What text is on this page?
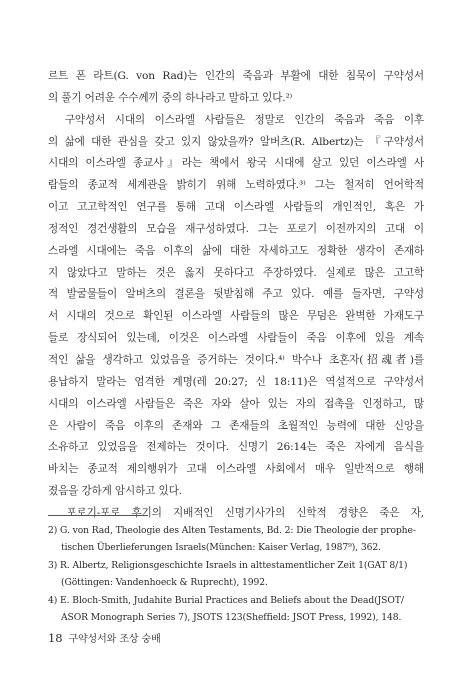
르트 폰 라트(G. von Rad)는 인간의 죽음과 부활에 대한 침묵이 구약성서
의 풀기 어려운 수수께끼 중의 하나라고 말하고 있다.²⁾
　구약성서 시대의 이스라엘 사람들은 정말로 인간의 죽음과 죽음 이후
의 삶에 대한 관심을 갖고 있지 않았을까? 알버츠(R. Albertz)는 『구약성서
시대의 이스라엘 종교사』라는 책에서 왕국 시대에 살고 있던 이스라엘 사
람들의 종교적 세계관을 밝히기 위해 노력하였다.³⁾ 그는 철저히 언어학적
이고 고고학적인 연구를 통해 고대 이스라엘 사람들의 개인적인, 혹은 가
정적인 경건생활의 모습을 재구성하였다. 그는 포로기 이전까지의 고대 이
스라엘 시대에는 죽음 이후의 삶에 대한 자세하고도 정확한 생각이 존재하
지 않았다고 말하는 것은 옳지 못하다고 주장하였다. 실제로 많은 고고학
적 발굴물들이 알버츠의 결론을 뒷받침해 주고 있다. 예를 들자면, 구약성
서 시대의 것으로 확인된 이스라엘 사람들의 많은 무덤은 완벽한 가재도구
들로 장식되어 있는데, 이것은 이스라엘 사람들이 죽음 이후에 있을 계속
적인 삶을 생각하고 있었음을 증거하는 것이다.⁴⁾ 박수나 초혼자(招魂者)를
용납하지 말라는 엄격한 계명(레 20:27; 신 18:11)은 역설적으로 구약성서
시대의 이스라엘 사람들은 죽은 자와 살아 있는 자의 접촉을 인정하고, 많
은 사람이 죽음 이후의 존재와 그 존재들의 초월적인 능력에 대한 신앙을
소유하고 있었음을 전제하는 것이다. 신명기 26:14는 죽은 자에게 음식을
바치는 종교적 제의행위가 고대 이스라엘 사회에서 매우 일반적으로 행해
졌음을 강하게 암시하고 있다.
　포로기-포로 후기의 지배적인 신명기사가의 신학적 경향은 죽은 자,
2) G. von Rad, Theologie des Alten Testaments, Bd. 2: Die Theologie der prophe-
tischen Überlieferungen Israels(München: Kaiser Verlag, 1987⁹), 362.
3) R. Albertz, Religionsgeschichte Israels in alttestamentlicher Zeit 1(GAT 8/1)
(Göttingen: Vandenhoeck & Ruprecht), 1992.
4) E. Bloch-Smith, Judahite Burial Practices and Beliefs about the Dead(JSOT/
ASOR Monograph Series 7), JSOTS 123(Sheffield: JSOT Press, 1992), 148.
18 구약성서와 조상 숭배
